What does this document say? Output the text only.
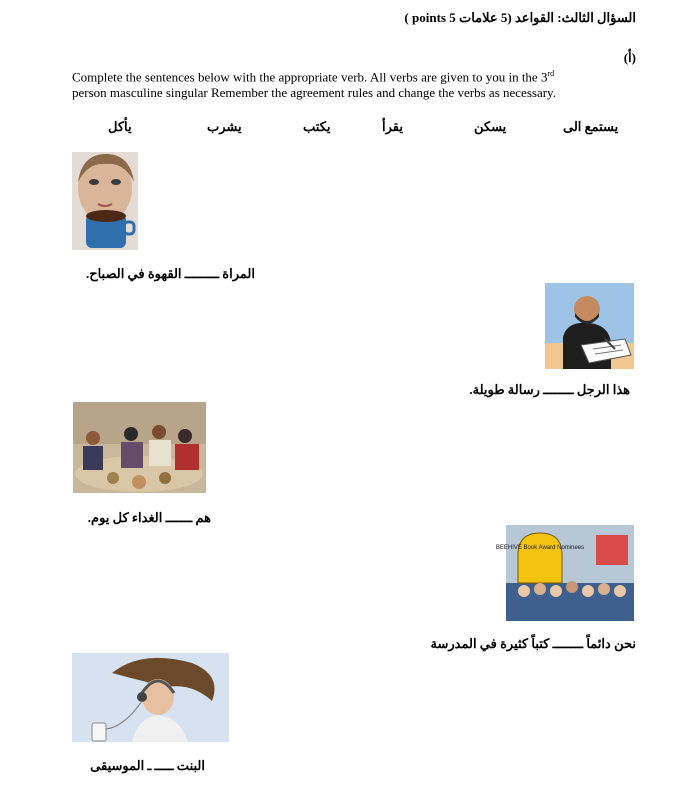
السؤال الثالث: القواعد (5 علامات 5 points )
(أ)
Complete the sentences below with the appropriate verb. All verbs are given to you in the 3rd
person masculine singular Remember the agreement rules and change the verbs as necessary.
يستمع الى
يسكن
يقرأ
يكتب
يشرب
يأكل
المراة ـــــــــ القهوة في الصباح.
هذا الرجل ــــــــ رسالة طويلة.
هم ـــــــ الغداء كل يوم.
BEEHIVE Book Award Nominees
نحن دائماً ــــــــ كتباً كثيرة في المدرسة
البنت ـــــ ـ الموسيقى
